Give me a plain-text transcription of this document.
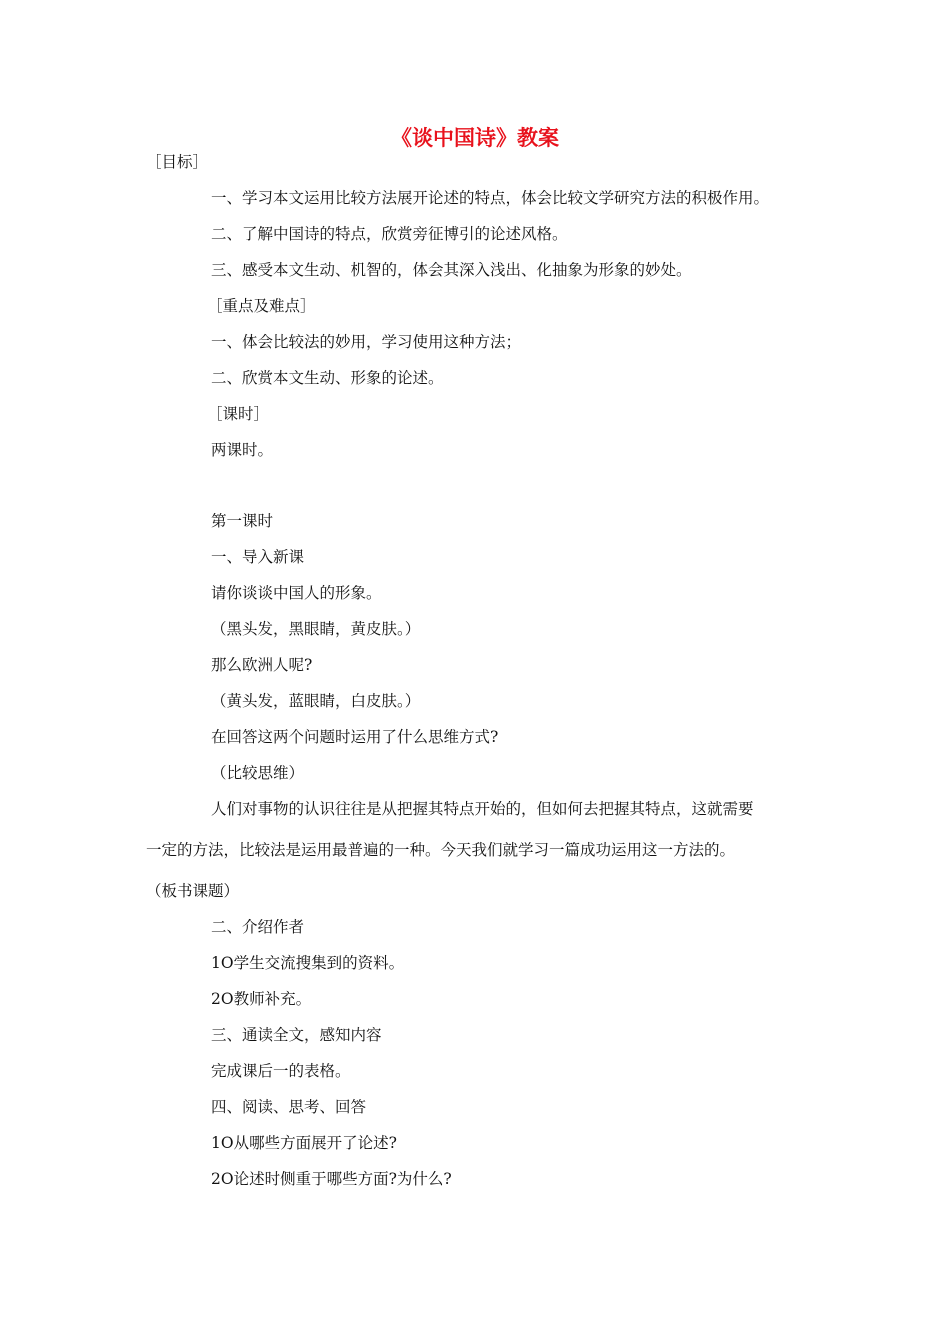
《谈中国诗》教案
［目标］
一、学习本文运用比较方法展开论述的特点，体会比较文学研究方法的积极作用。
二、了解中国诗的特点，欣赏旁征博引的论述风格。
三、感受本文生动、机智的，体会其深入浅出、化抽象为形象的妙处。
［重点及难点］
一、体会比较法的妙用，学习使用这种方法；
二、欣赏本文生动、形象的论述。
［课时］
两课时。
第一课时
一、导入新课
请你谈谈中国人的形象。
（黑头发，黑眼睛，黄皮肤。）
那么欧洲人呢?
（黄头发，蓝眼睛，白皮肤。）
在回答这两个问题时运用了什么思维方式?
（比较思维）
人们对事物的认识往往是从把握其特点开始的，但如何去把握其特点，这就需要
一定的方法，比较法是运用最普遍的一种。今天我们就学习一篇成功运用这一方法的。
（板书课题）
二、介绍作者
1O学生交流搜集到的资料。
2O教师补充。
三、通读全文，感知内容
完成课后一的表格。
四、阅读、思考、回答
1O从哪些方面展开了论述?
2O论述时侧重于哪些方面?为什么?
